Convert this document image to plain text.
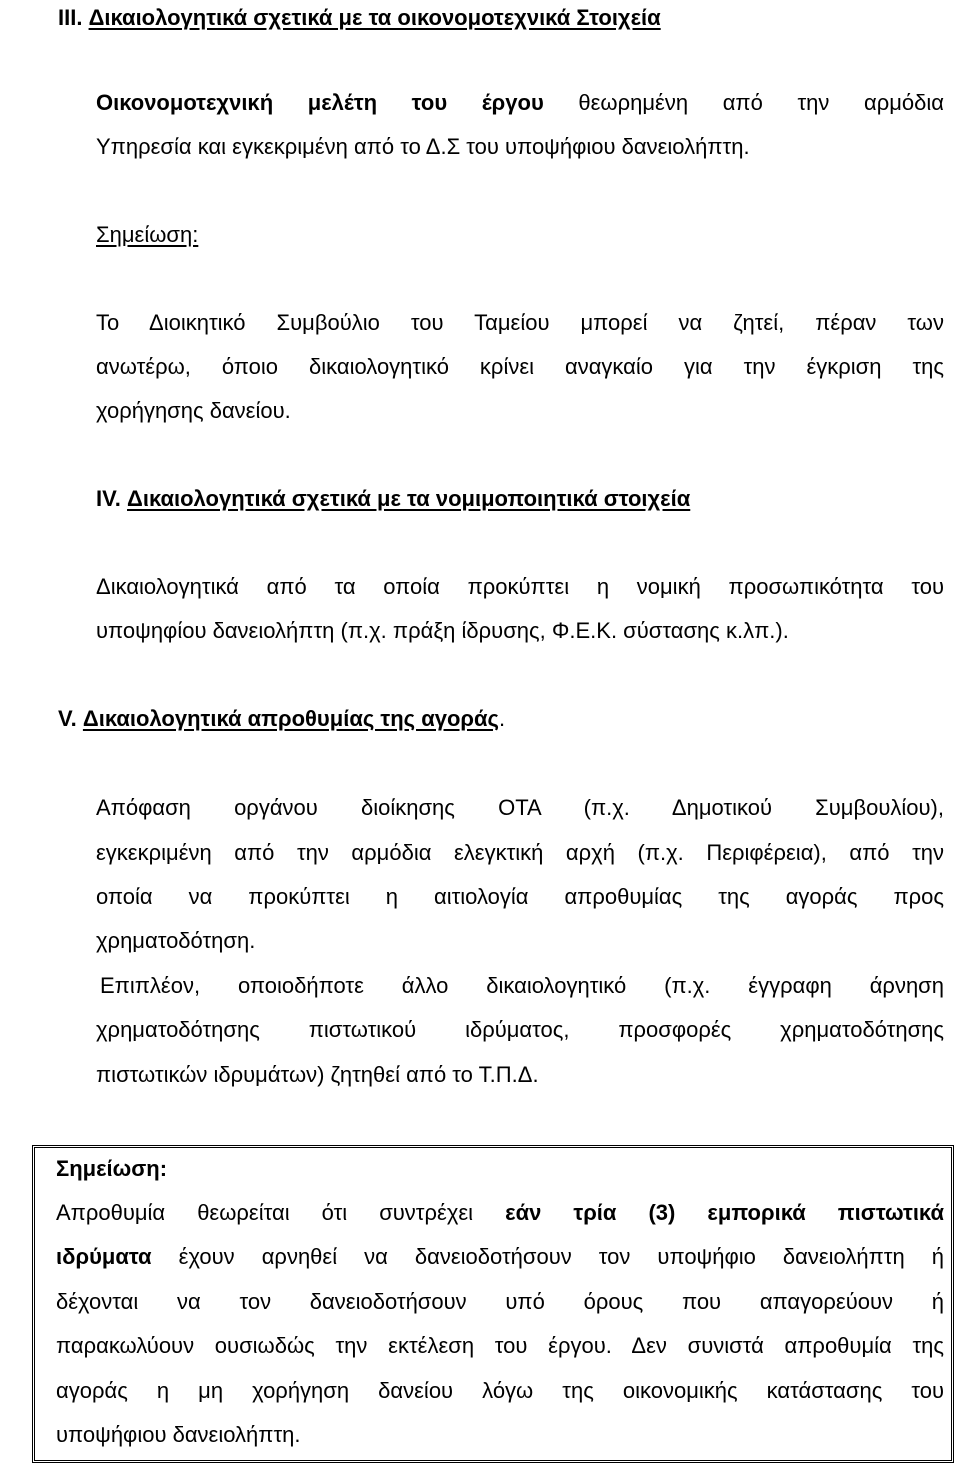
III. Δικαιολογητικά σχετικά με τα οικονομοτεχνικά Στοιχεία
Οικονομοτεχνική μελέτη του έργου θεωρημένη από την αρμόδια
Υπηρεσία και εγκεκριμένη από το Δ.Σ του υποψήφιου δανειολήπτη.
Σημείωση:
Το Διοικητικό Συμβούλιο του Ταμείου μπορεί να ζητεί, πέραν των
ανωτέρω, όποιο δικαιολογητικό κρίνει αναγκαίο για την έγκριση της
χορήγησης δανείου.
IV. Δικαιολογητικά σχετικά με τα νομιμοποιητικά στοιχεία
Δικαιολογητικά από τα οποία προκύπτει η νομική προσωπικότητα του
υποψηφίου δανειολήπτη (π.χ. πράξη ίδρυσης, Φ.Ε.Κ. σύστασης κ.λπ.).
V. Δικαιολογητικά απροθυμίας της αγοράς.
Απόφαση οργάνου διοίκησης ΟΤΑ (π.χ. Δημοτικού Συμβουλίου),
εγκεκριμένη από την αρμόδια ελεγκτική αρχή (π.χ. Περιφέρεια), από την
οποία να προκύπτει η αιτιολογία απροθυμίας της αγοράς προς
χρηματοδότηση.
Επιπλέον, οποιοδήποτε άλλο δικαιολογητικό (π.χ. έγγραφη άρνηση
χρηματοδότησης πιστωτικού ιδρύματος, προσφορές χρηματοδότησης
πιστωτικών ιδρυμάτων) ζητηθεί από το Τ.Π.Δ.
Σημείωση:
Απροθυμία θεωρείται ότι συντρέχει εάν τρία (3) εμπορικά πιστωτικά
ιδρύματα έχουν αρνηθεί να δανειοδοτήσουν τον υποψήφιο δανειολήπτη ή
δέχονται να τον δανειοδοτήσουν υπό όρους που απαγορεύουν ή
παρακωλύουν ουσιωδώς την εκτέλεση του έργου. Δεν συνιστά απροθυμία της
αγοράς η μη χορήγηση δανείου λόγω της οικονομικής κατάστασης του
υποψήφιου δανειολήπτη.
